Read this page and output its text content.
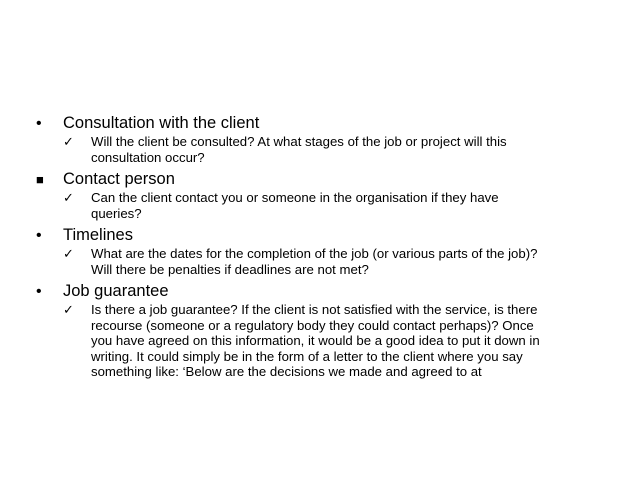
•	Consultation with the client
✓	Will the client be consulted? At what stages of the job or project will this
consultation occur?
■	Contact person
✓	Can the client contact you or someone in the organisation if they have
queries?
•	Timelines
✓	What are the dates for the completion of the job (or various parts of the job)?
Will there be penalties if deadlines are not met?
•	Job guarantee
✓	Is there a job guarantee? If the client is not satisfied with the service, is there
recourse (someone or a regulatory body they could contact perhaps)? Once
you have agreed on this information, it would be a good idea to put it down in
writing. It could simply be in the form of a letter to the client where you say
something like: ‘Below are the decisions we made and agreed to at
